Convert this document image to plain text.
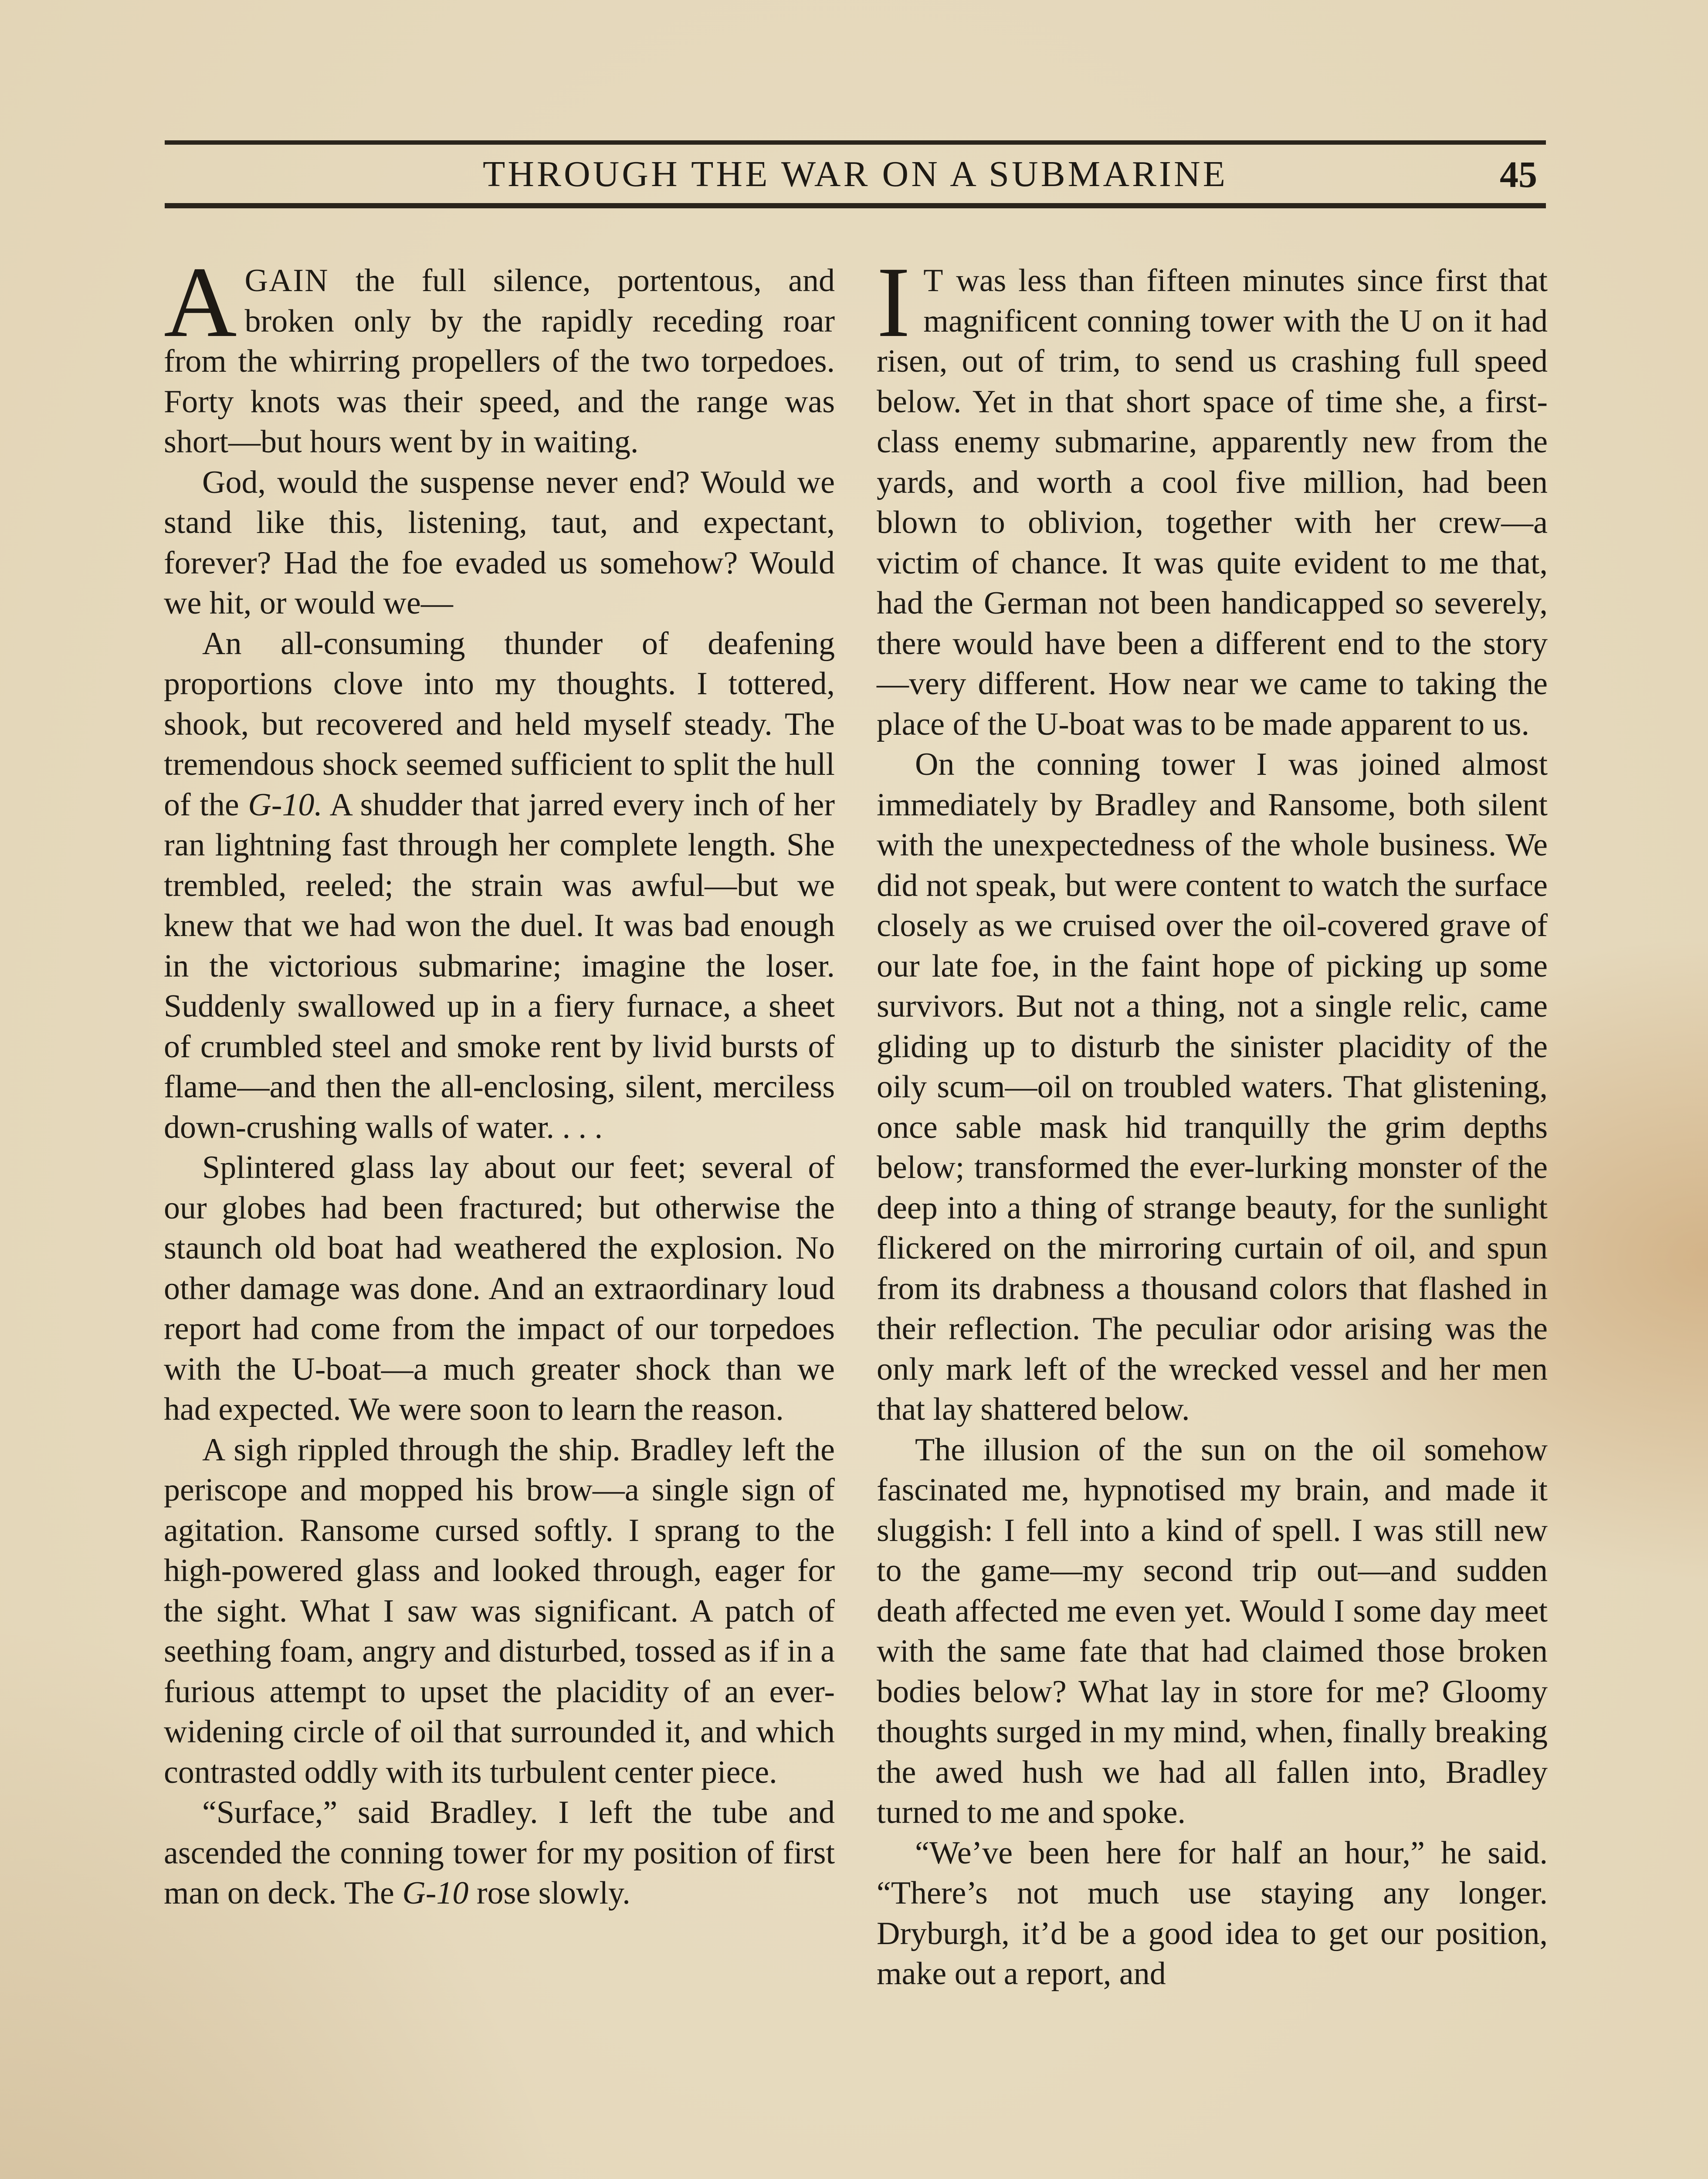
THROUGH THE WAR ON A SUBMARINE	45

AGAIN the full silence, portentous, and broken only by the rapidly receding roar from the whirring propellers of the two torpedoes. Forty knots was their speed, and the range was short—but hours went by in waiting.

God, would the suspense never end? Would we stand like this, listening, taut, and expectant, forever? Had the foe evaded us somehow? Would we hit, or would we—

An all-consuming thunder of deafening proportions clove into my thoughts. I tottered, shook, but recovered and held myself steady. The tremendous shock seemed sufficient to split the hull of the G-10. A shudder that jarred every inch of her ran lightning fast through her complete length. She trembled, reeled; the strain was awful—but we knew that we had won the duel. It was bad enough in the victorious submarine; imagine the loser. Suddenly swallowed up in a fiery furnace, a sheet of crumbled steel and smoke rent by livid bursts of flame—and then the all-enclosing, silent, merciless down-crushing walls of water. . . .

Splintered glass lay about our feet; several of our globes had been fractured; but otherwise the staunch old boat had weathered the explosion. No other damage was done. And an extraordinary loud report had come from the impact of our torpedoes with the U-boat—a much greater shock than we had expected. We were soon to learn the reason.

A sigh rippled through the ship. Bradley left the periscope and mopped his brow—a single sign of agitation. Ransome cursed softly. I sprang to the high-powered glass and looked through, eager for the sight. What I saw was significant. A patch of seething foam, angry and disturbed, tossed as if in a furious attempt to upset the placidity of an ever-widening circle of oil that surrounded it, and which contrasted oddly with its turbulent center piece.

“Surface,” said Bradley. I left the tube and ascended the conning tower for my position of first man on deck. The G-10 rose slowly.

I T was less than fifteen minutes since first that magnificent conning tower with the U on it had risen, out of trim, to send us crashing full speed below. Yet in that short space of time she, a first-class enemy submarine, apparently new from the yards, and worth a cool five million, had been blown to oblivion, together with her crew—a victim of chance. It was quite evident to me that, had the German not been handicapped so severely, there would have been a different end to the story—very different. How near we came to taking the place of the U-boat was to be made apparent to us.

On the conning tower I was joined almost immediately by Bradley and Ransome, both silent with the unexpectedness of the whole business. We did not speak, but were content to watch the surface closely as we cruised over the oil-covered grave of our late foe, in the faint hope of picking up some survivors. But not a thing, not a single relic, came gliding up to disturb the sinister placidity of the oily scum—oil on troubled waters. That glistening, once sable mask hid tranquilly the grim depths below; transformed the ever-lurking monster of the deep into a thing of strange beauty, for the sunlight flickered on the mirroring curtain of oil, and spun from its drabness a thousand colors that flashed in their reflection. The peculiar odor arising was the only mark left of the wrecked vessel and her men that lay shattered below.

The illusion of the sun on the oil somehow fascinated me, hypnotised my brain, and made it sluggish: I fell into a kind of spell. I was still new to the game—my second trip out—and sudden death affected me even yet. Would I some day meet with the same fate that had claimed those broken bodies below? What lay in store for me? Gloomy thoughts surged in my mind, when, finally breaking the awed hush we had all fallen into, Bradley turned to me and spoke.

“We’ve been here for half an hour,” he said. “There’s not much use staying any longer. Dryburgh, it’d be a good idea to get our position, make out a report, and
